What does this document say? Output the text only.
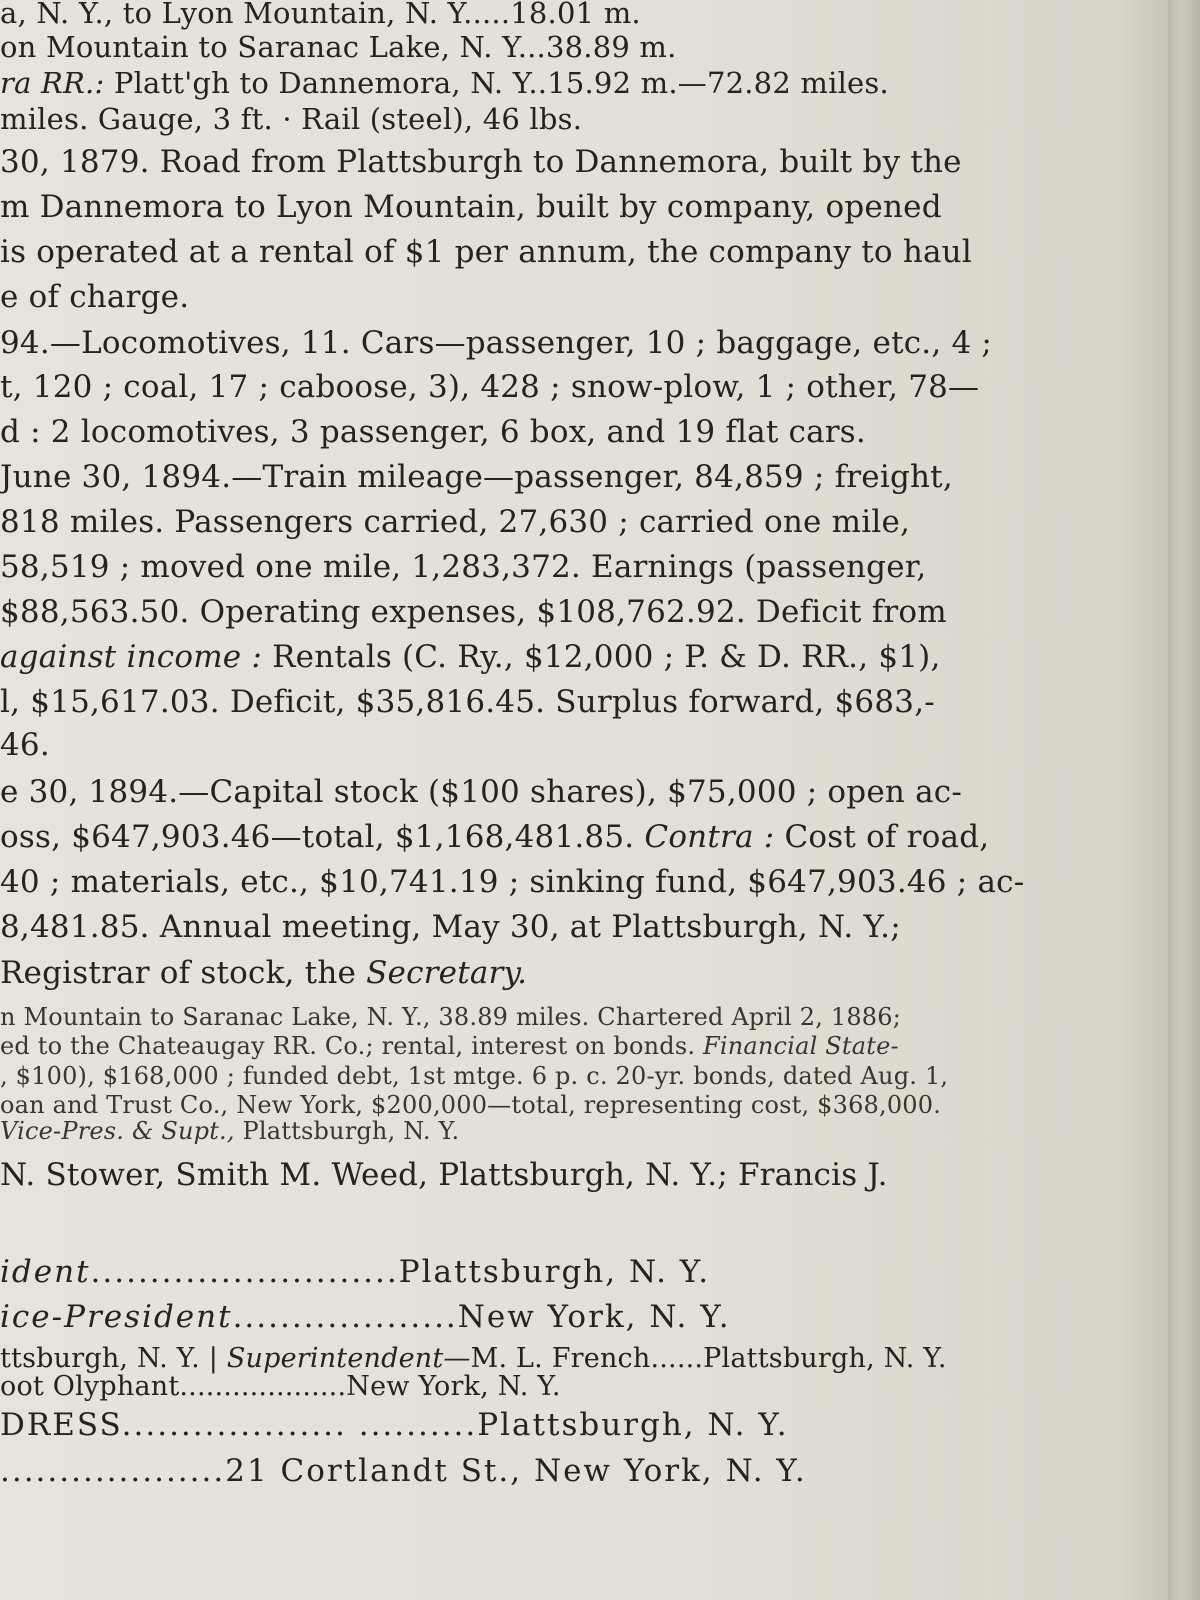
a, N. Y., to Lyon Mountain, N. Y.....18.01 m.
on Mountain to Saranac Lake, N. Y...38.89 m.
ra RR.: Platt'gh to Dannemora, N. Y..15.92 m.—72.82 miles.
miles. Gauge, 3 ft. · Rail (steel), 46 lbs.
30, 1879. Road from Plattsburgh to Dannemora, built by the
m Dannemora to Lyon Mountain, built by company, opened
is operated at a rental of $1 per annum, the company to haul
e of charge.
94.—Locomotives, 11. Cars—passenger, 10 ; baggage, etc., 4 ;
t, 120 ; coal, 17 ; caboose, 3), 428 ; snow-plow, 1 ; other, 78—
d : 2 locomotives, 3 passenger, 6 box, and 19 flat cars.
June 30, 1894.—Train mileage—passenger, 84,859 ; freight,
818 miles. Passengers carried, 27,630 ; carried one mile,
58,519 ; moved one mile, 1,283,372. Earnings (passenger,
$88,563.50. Operating expenses, $108,762.92. Deficit from
against income : Rentals (C. Ry., $12,000 ; P. & D. RR., $1),
l, $15,617.03. Deficit, $35,816.45. Surplus forward, $683,-
46.
e 30, 1894.—Capital stock ($100 shares), $75,000 ; open ac-
oss, $647,903.46—total, $1,168,481.85. Contra : Cost of road,
40 ; materials, etc., $10,741.19 ; sinking fund, $647,903.46 ; ac-
8,481.85. Annual meeting, May 30, at Plattsburgh, N. Y.;
Registrar of stock, the Secretary.
n Mountain to Saranac Lake, N. Y., 38.89 miles. Chartered April 2, 1886;
ed to the Chateaugay RR. Co.; rental, interest on bonds. Financial State-
, $100), $168,000 ; funded debt, 1st mtge. 6 p. c. 20-yr. bonds, dated Aug. 1,
oan and Trust Co., New York, $200,000—total, representing cost, $368,000.
Vice-Pres. & Supt., Plattsburgh, N. Y.
N. Stower, Smith M. Weed, Plattsburgh, N. Y.; Francis J.
ident..........................Plattsburgh, N. Y.
ice-President...................New York, N. Y.
ttsburgh, N. Y. | Superintendent—M. L. French......Plattsburgh, N. Y.
oot Olyphant...................New York, N. Y.
DRESS................... ..........Plattsburgh, N. Y.
...................21 Cortlandt St., New York, N. Y.
